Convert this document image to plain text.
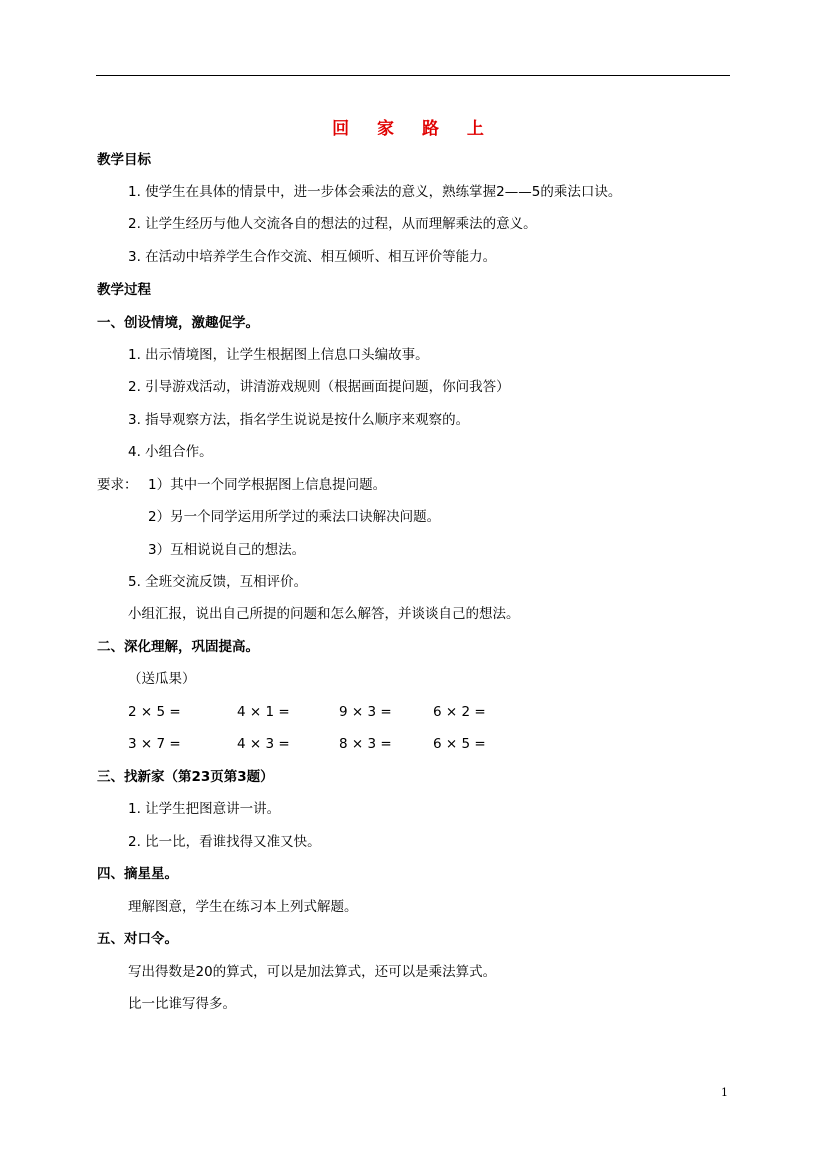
回 家 路 上
教学目标
1. 使学生在具体的情景中，进一步体会乘法的意义，熟练掌握2——5的乘法口诀。
2. 让学生经历与他人交流各自的想法的过程，从而理解乘法的意义。
3. 在活动中培养学生合作交流、相互倾听、相互评价等能力。
教学过程
一、创设情境，激趣促学。
1. 出示情境图，让学生根据图上信息口头编故事。
2. 引导游戏活动，讲清游戏规则（根据画面提问题，你问我答）
3. 指导观察方法，指名学生说说是按什么顺序来观察的。
4. 小组合作。
要求： 1）其中一个同学根据图上信息提问题。
2）另一个同学运用所学过的乘法口诀解决问题。
3）互相说说自己的想法。
5. 全班交流反馈，互相评价。
小组汇报，说出自己所提的问题和怎么解答，并谈谈自己的想法。
二、深化理解，巩固提高。
（送瓜果）
2 × 5 =	4 × 1 =	9 × 3 =	6 × 2 =
3 × 7 =	4 × 3 =	8 × 3 =	6 × 5 =
三、找新家（第23页第3题）
1. 让学生把图意讲一讲。
2. 比一比，看谁找得又准又快。
四、摘星星。
理解图意，学生在练习本上列式解题。
五、对口令。
写出得数是20的算式，可以是加法算式，还可以是乘法算式。
比一比谁写得多。
1
